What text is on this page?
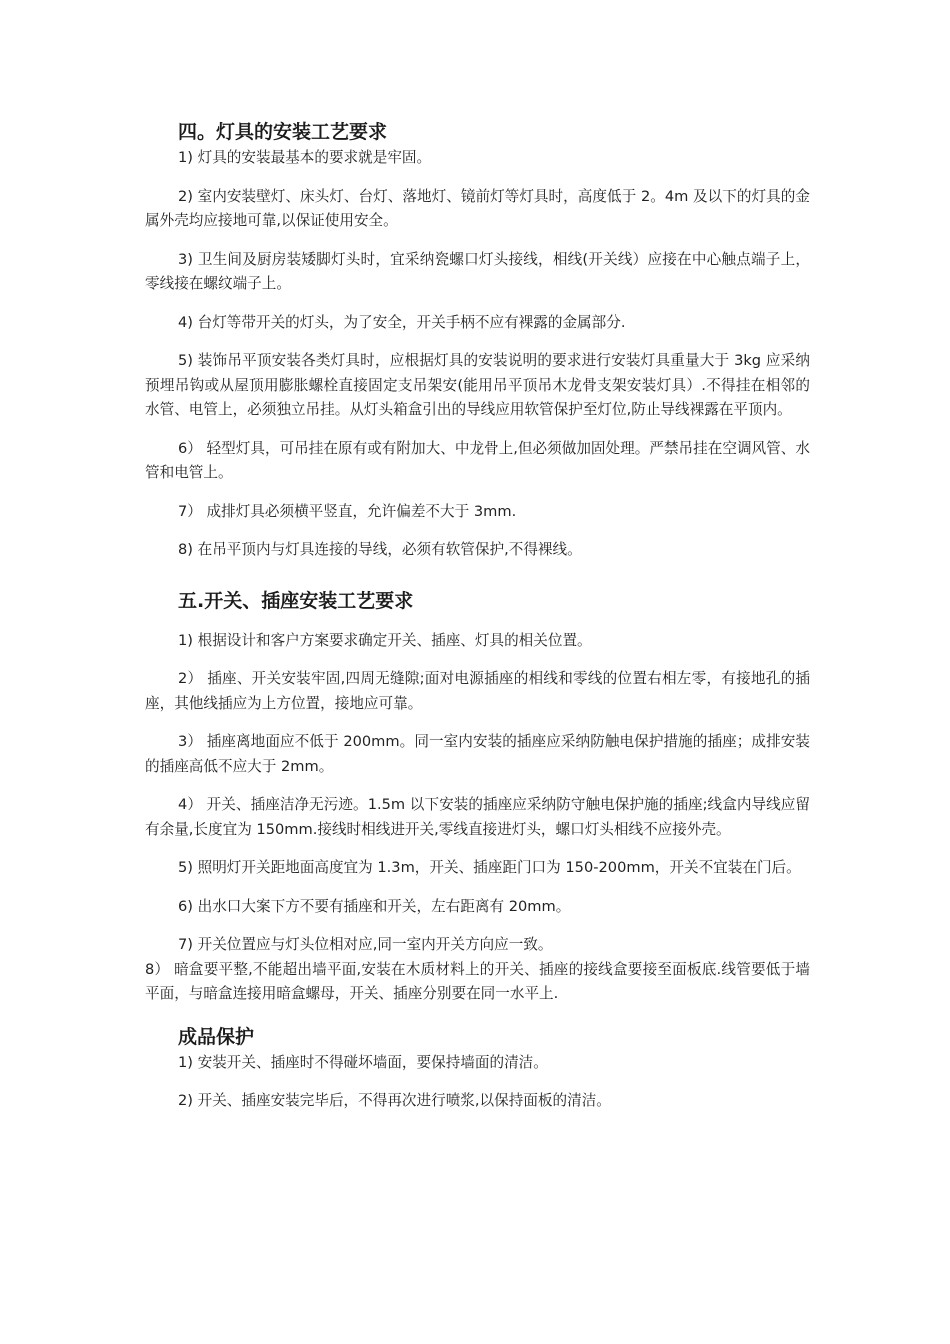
四。灯具的安装工艺要求

1) 灯具的安装最基本的要求就是牢固。

2) 室内安装壁灯、床头灯、台灯、落地灯、镜前灯等灯具时，高度低于 2。4m 及以下的灯具的金属外壳均应接地可靠,以保证使用安全。

3) 卫生间及厨房装矮脚灯头时，宜采纳瓷螺口灯头接线，相线(开关线）应接在中心触点端子上，零线接在螺纹端子上。

4) 台灯等带开关的灯头，为了安全，开关手柄不应有裸露的金属部分.

5) 装饰吊平顶安装各类灯具时，应根据灯具的安装说明的要求进行安装灯具重量大于 3kg 应采纳预埋吊钩或从屋顶用膨胀螺栓直接固定支吊架安(能用吊平顶吊木龙骨支架安装灯具）.不得挂在相邻的水管、电管上，必须独立吊挂。从灯头箱盒引出的导线应用软管保护至灯位,防止导线裸露在平顶内。

6） 轻型灯具，可吊挂在原有或有附加大、中龙骨上,但必须做加固处理。严禁吊挂在空调风管、水管和电管上。

7） 成排灯具必须横平竖直，允许偏差不大于 3mm.

8) 在吊平顶内与灯具连接的导线，必须有软管保护,不得裸线。

五.开关、插座安装工艺要求

1) 根据设计和客户方案要求确定开关、插座、灯具的相关位置。

2） 插座、开关安装牢固,四周无缝隙;面对电源插座的相线和零线的位置右相左零，有接地孔的插座，其他线插应为上方位置，接地应可靠。

3） 插座离地面应不低于 200mm。同一室内安装的插座应采纳防触电保护措施的插座；成排安装的插座高低不应大于 2mm。

4） 开关、插座洁净无污迹。1.5m 以下安装的插座应采纳防守触电保护施的插座;线盒内导线应留有余量,长度宜为 150mm.接线时相线进开关,零线直接进灯头，螺口灯头相线不应接外壳。

5) 照明灯开关距地面高度宜为 1.3m，开关、插座距门口为 150-200mm，开关不宜装在门后。

6) 出水口大案下方不要有插座和开关，左右距离有 20mm。

7) 开关位置应与灯头位相对应,同一室内开关方向应一致。

8） 暗盒要平整,不能超出墙平面,安装在木质材料上的开关、插座的接线盒要接至面板底.线管要低于墙平面，与暗盒连接用暗盒螺母，开关、插座分别要在同一水平上.

成品保护

1) 安装开关、插座时不得碰坏墙面，要保持墙面的清洁。

2) 开关、插座安装完毕后，不得再次进行喷浆,以保持面板的清洁。
